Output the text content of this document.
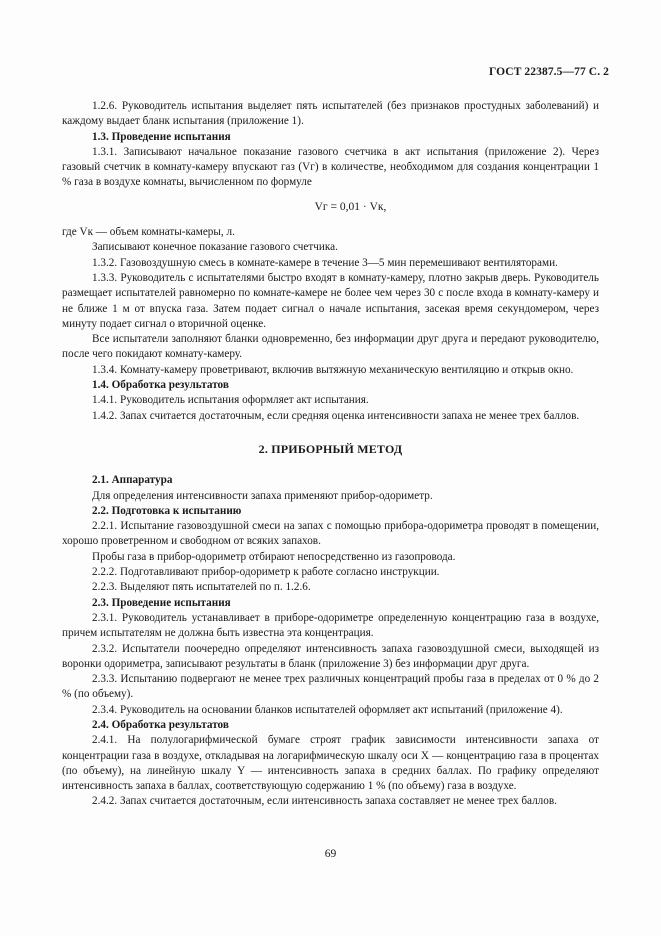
ГОСТ 22387.5—77 С. 2

1.2.6. Руководитель испытания выделяет пять испытателей (без признаков простудных заболеваний) и каждому выдает бланк испытания (приложение 1).

1.3. Проведение испытания

1.3.1. Записывают начальное показание газового счетчика в акт испытания (приложение 2). Через газовый счетчик в комнату-камеру впускают газ (Vг) в количестве, необходимом для создания концентрации 1 % газа в воздухе комнаты, вычисленном по формуле

Vг = 0,01 · Vк,

где Vк — объем комнаты-камеры, л.

Записывают конечное показание газового счетчика.

1.3.2. Газовоздушную смесь в комнате-камере в течение 3—5 мин перемешивают вентиляторами.

1.3.3. Руководитель с испытателями быстро входят в комнату-камеру, плотно закрыв дверь. Руководитель размещает испытателей равномерно по комнате-камере не более чем через 30 с после входа в комнату-камеру и не ближе 1 м от впуска газа. Затем подает сигнал о начале испытания, засекая время секундомером, через минуту подает сигнал о вторичной оценке.

Все испытатели заполняют бланки одновременно, без информации друг друга и передают руководителю, после чего покидают комнату-камеру.

1.3.4. Комнату-камеру проветривают, включив вытяжную механическую вентиляцию и открыв окно.

1.4. Обработка результатов

1.4.1. Руководитель испытания оформляет акт испытания.

1.4.2. Запах считается достаточным, если средняя оценка интенсивности запаха не менее трех баллов.

2. ПРИБОРНЫЙ МЕТОД

2.1. Аппаратура

Для определения интенсивности запаха применяют прибор-одориметр.

2.2. Подготовка к испытанию

2.2.1. Испытание газовоздушной смеси на запах с помощью прибора-одориметра проводят в помещении, хорошо проветренном и свободном от всяких запахов.

Пробы газа в прибор-одориметр отбирают непосредственно из газопровода.

2.2.2. Подготавливают прибор-одориметр к работе согласно инструкции.

2.2.3. Выделяют пять испытателей по п. 1.2.6.

2.3. Проведение испытания

2.3.1. Руководитель устанавливает в приборе-одориметре определенную концентрацию газа в воздухе, причем испытателям не должна быть известна эта концентрация.

2.3.2. Испытатели поочередно определяют интенсивность запаха газовоздушной смеси, выходящей из воронки одориметра, записывают результаты в бланк (приложение 3) без информации друг друга.

2.3.3. Испытанию подвергают не менее трех различных концентраций пробы газа в пределах от 0 % до 2 % (по объему).

2.3.4. Руководитель на основании бланков испытателей оформляет акт испытаний (приложение 4).

2.4. Обработка результатов

2.4.1. На полулогарифмической бумаге строят график зависимости интенсивности запаха от концентрации газа в воздухе, откладывая на логарифмическую шкалу оси X — концентрацию газа в процентах (по объему), на линейную шкалу Y — интенсивность запаха в средних баллах. По графику определяют интенсивность запаха в баллах, соответствующую содержанию 1 % (по объему) газа в воздухе.

2.4.2. Запах считается достаточным, если интенсивность запаха составляет не менее трех баллов.

69
